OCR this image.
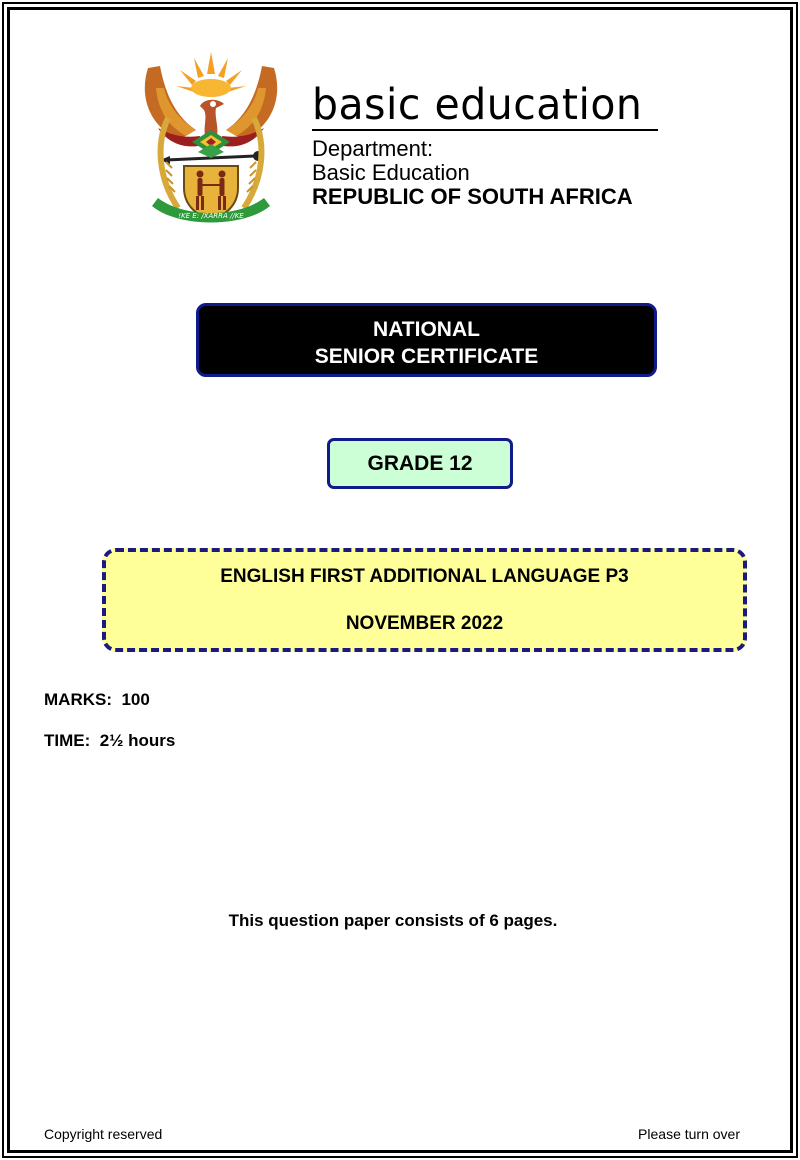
!KE E: /XARRA //KE
basic education
Department:
Basic Education
REPUBLIC OF SOUTH AFRICA
NATIONAL
SENIOR CERTIFICATE
GRADE 12
ENGLISH FIRST ADDITIONAL LANGUAGE P3
NOVEMBER 2022
MARKS: 100
TIME: 2½ hours
This question paper consists of 6 pages.
Copyright reserved	Please turn over
